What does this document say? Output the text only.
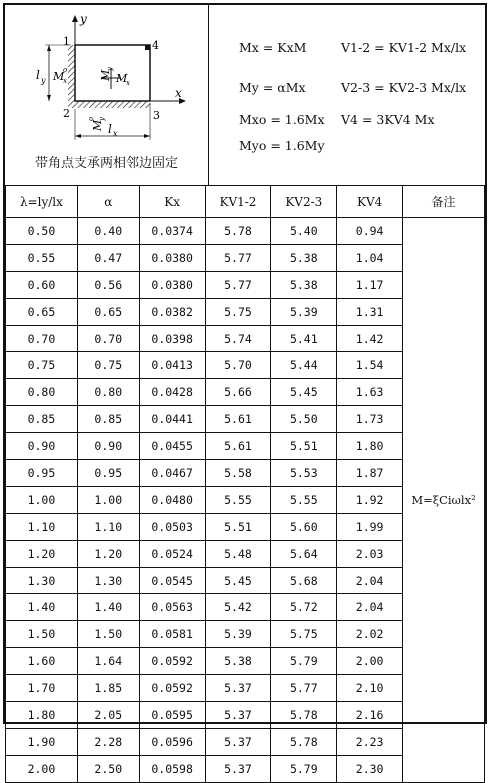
1	4
2	3
y
x
l y
l x
M
o
x
M
o y
M
y
M
x
带角点支承两相邻边固定
Mx = KxM	V1-2 = KV1-2 Mx/lx
My = αMx	V2-3 = KV2-3 Mx/lx
Mxo = 1.6Mx V4 = 3KV4 Mx
Myo = 1.6My
λ=ly/lx	α	Kx	KV1-2	KV2-3	KV4	备注
0.50	0.40	0.0374	5.78	5.40	0.94	M=ξCiωlx²
0.55	0.47	0.0380	5.77	5.38	1.04	
0.60	0.56	0.0380	5.77	5.38	1.17	
0.65	0.65	0.0382	5.75	5.39	1.31	
0.70	0.70	0.0398	5.74	5.41	1.42	
0.75	0.75	0.0413	5.70	5.44	1.54	
0.80	0.80	0.0428	5.66	5.45	1.63	
0.85	0.85	0.0441	5.61	5.50	1.73	
0.90	0.90	0.0455	5.61	5.51	1.80	
0.95	0.95	0.0467	5.58	5.53	1.87	
1.00	1.00	0.0480	5.55	5.55	1.92	
1.10	1.10	0.0503	5.51	5.60	1.99	
1.20	1.20	0.0524	5.48	5.64	2.03	
1.30	1.30	0.0545	5.45	5.68	2.04	
1.40	1.40	0.0563	5.42	5.72	2.04	
1.50	1.50	0.0581	5.39	5.75	2.02	
1.60	1.64	0.0592	5.38	5.79	2.00	
1.70	1.85	0.0592	5.37	5.77	2.10	
1.80	2.05	0.0595	5.37	5.78	2.16	
1.90	2.28	0.0596	5.37	5.78	2.23	
2.00	2.50	0.0598	5.37	5.79	2.30	
